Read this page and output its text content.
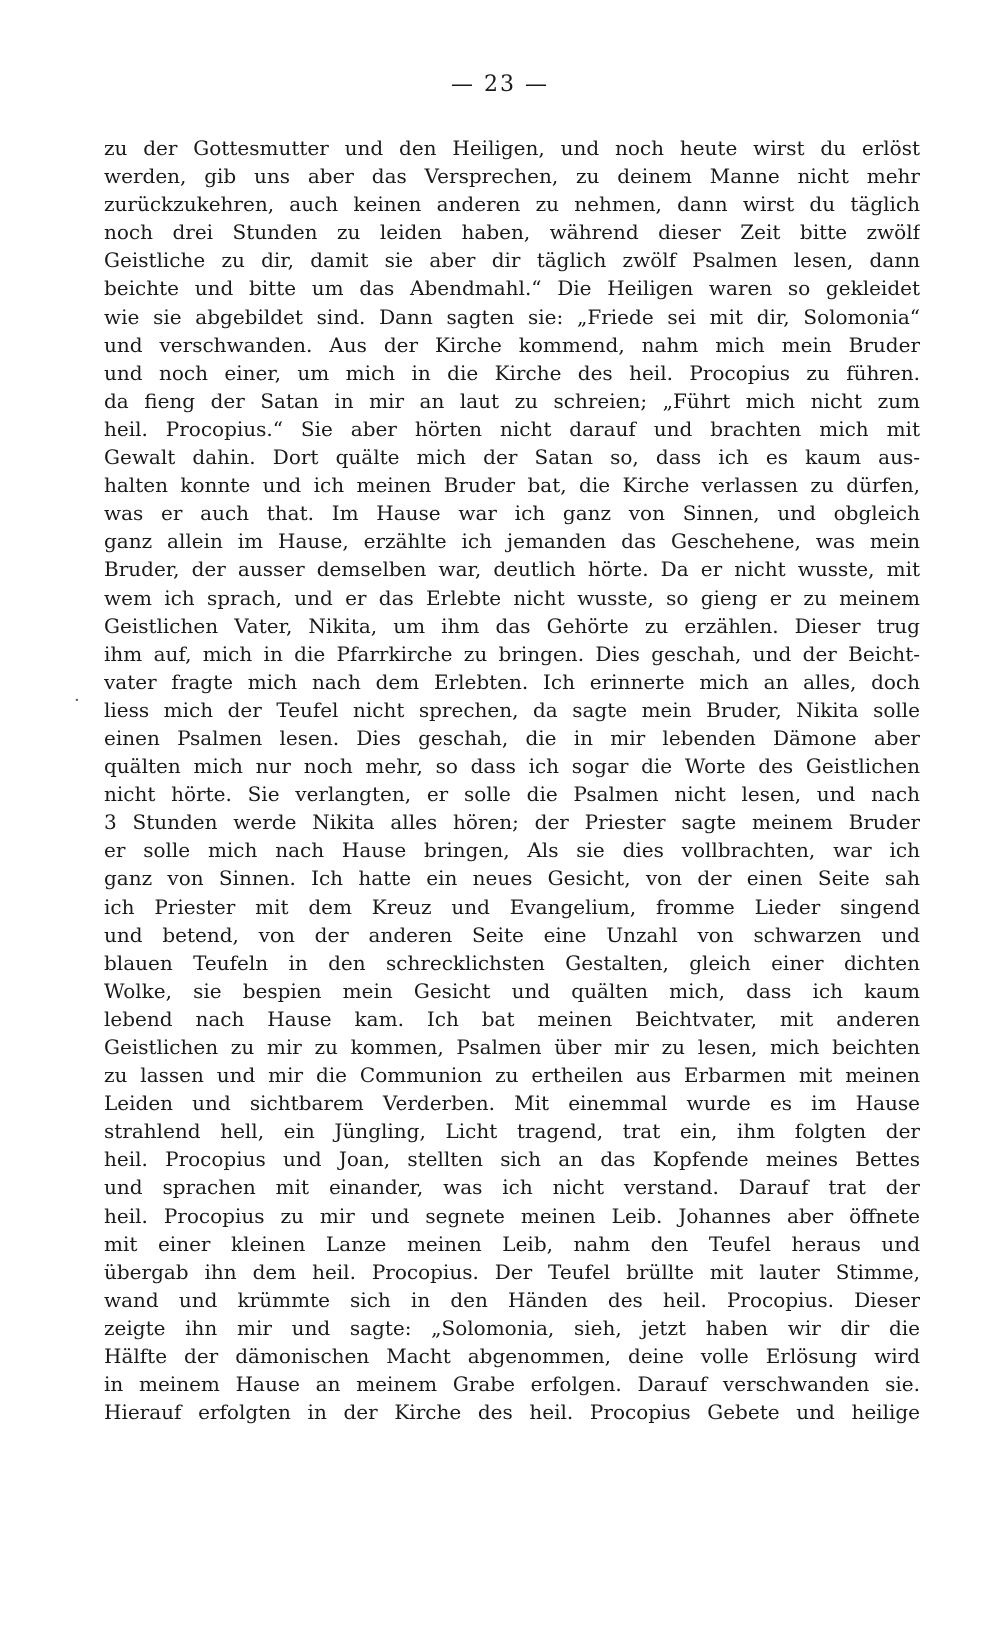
— 23 —
·
zu der Gottesmutter und den Heiligen, und noch heute wirst du erlöst
werden, gib uns aber das Versprechen, zu deinem Manne nicht mehr
zurückzukehren, auch keinen anderen zu nehmen, dann wirst du täglich
noch drei Stunden zu leiden haben, während dieser Zeit bitte zwölf
Geistliche zu dir, damit sie aber dir täglich zwölf Psalmen lesen, dann
beichte und bitte um das Abendmahl.“ Die Heiligen waren so gekleidet
wie sie abgebildet sind. Dann sagten sie: „Friede sei mit dir, Solomonia“
und verschwanden. Aus der Kirche kommend, nahm mich mein Bruder
und noch einer, um mich in die Kirche des heil. Procopius zu führen.
da fieng der Satan in mir an laut zu schreien; „Führt mich nicht zum
heil. Procopius.“ Sie aber hörten nicht darauf und brachten mich mit
Gewalt dahin. Dort quälte mich der Satan so, dass ich es kaum aus-
halten konnte und ich meinen Bruder bat, die Kirche verlassen zu dürfen,
was er auch that. Im Hause war ich ganz von Sinnen, und obgleich
ganz allein im Hause, erzählte ich jemanden das Geschehene, was mein
Bruder, der ausser demselben war, deutlich hörte. Da er nicht wusste, mit
wem ich sprach, und er das Erlebte nicht wusste, so gieng er zu meinem
Geistlichen Vater, Nikita, um ihm das Gehörte zu erzählen. Dieser trug
ihm auf, mich in die Pfarrkirche zu bringen. Dies geschah, und der Beicht-
vater fragte mich nach dem Erlebten. Ich erinnerte mich an alles, doch
liess mich der Teufel nicht sprechen, da sagte mein Bruder, Nikita solle
einen Psalmen lesen. Dies geschah, die in mir lebenden Dämone aber
quälten mich nur noch mehr, so dass ich sogar die Worte des Geistlichen
nicht hörte. Sie verlangten, er solle die Psalmen nicht lesen, und nach
3 Stunden werde Nikita alles hören; der Priester sagte meinem Bruder
er solle mich nach Hause bringen, Als sie dies vollbrachten, war ich
ganz von Sinnen. Ich hatte ein neues Gesicht, von der einen Seite sah
ich Priester mit dem Kreuz und Evangelium, fromme Lieder singend
und betend, von der anderen Seite eine Unzahl von schwarzen und
blauen Teufeln in den schrecklichsten Gestalten, gleich einer dichten
Wolke, sie bespien mein Gesicht und quälten mich, dass ich kaum
lebend nach Hause kam. Ich bat meinen Beichtvater, mit anderen
Geistlichen zu mir zu kommen, Psalmen über mir zu lesen, mich beichten
zu lassen und mir die Communion zu ertheilen aus Erbarmen mit meinen
Leiden und sichtbarem Verderben. Mit einemmal wurde es im Hause
strahlend hell, ein Jüngling, Licht tragend, trat ein, ihm folgten der
heil. Procopius und Joan, stellten sich an das Kopfende meines Bettes
und sprachen mit einander, was ich nicht verstand. Darauf trat der
heil. Procopius zu mir und segnete meinen Leib. Johannes aber öffnete
mit einer kleinen Lanze meinen Leib, nahm den Teufel heraus und
übergab ihn dem heil. Procopius. Der Teufel brüllte mit lauter Stimme,
wand und krümmte sich in den Händen des heil. Procopius. Dieser
zeigte ihn mir und sagte: „Solomonia, sieh, jetzt haben wir dir die
Hälfte der dämonischen Macht abgenommen, deine volle Erlösung wird
in meinem Hause an meinem Grabe erfolgen. Darauf verschwanden sie.
Hierauf erfolgten in der Kirche des heil. Procopius Gebete und heilige
